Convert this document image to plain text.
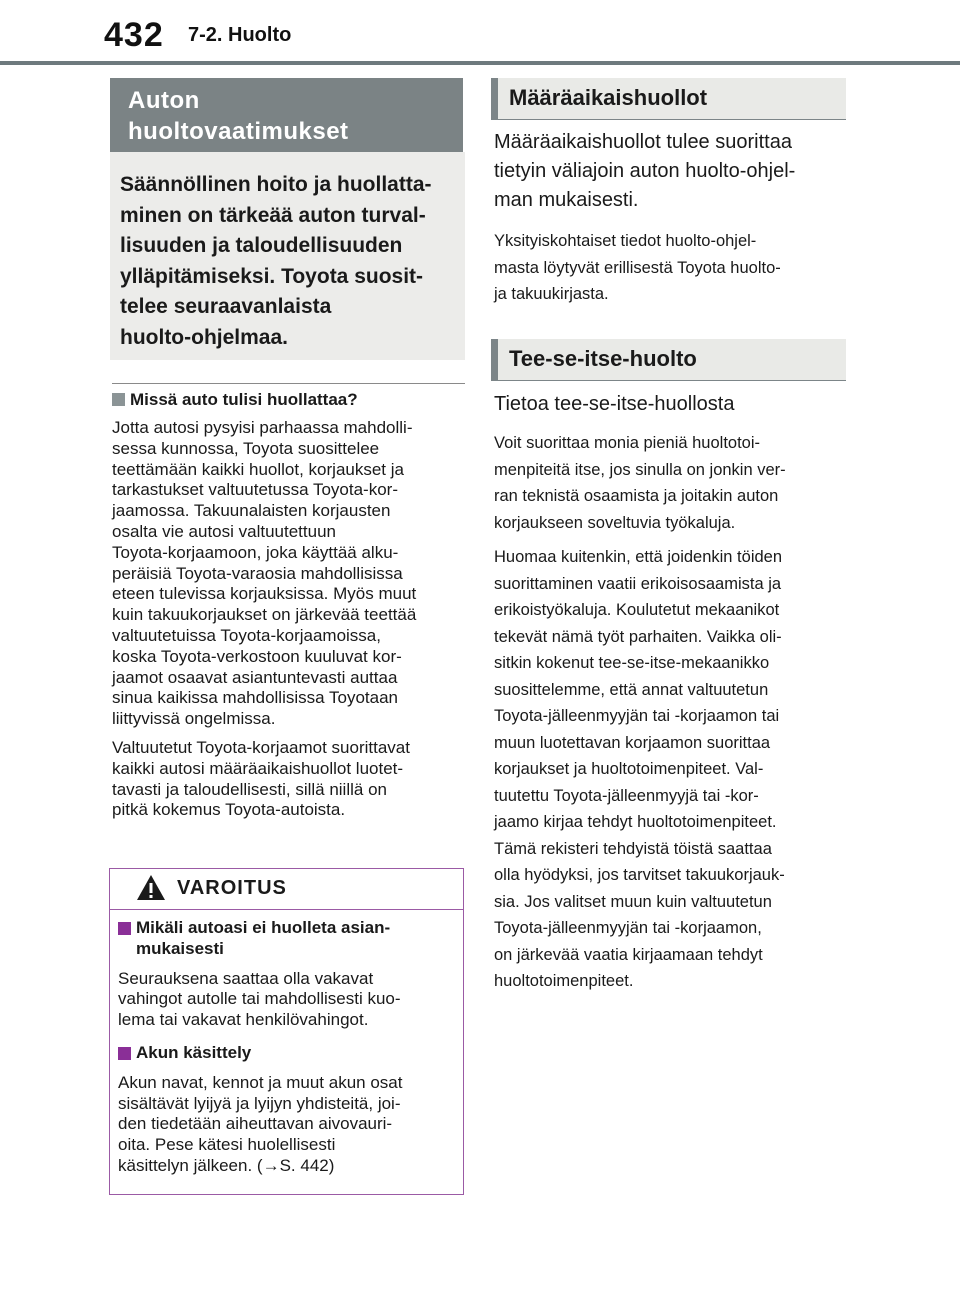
432 7-2. Huolto
Auton
huoltovaatimukset
Säännöllinen hoito ja huollatta-
minen on tärkeää auton turval-
lisuuden ja taloudellisuuden
ylläpitämiseksi. Toyota suosit-
telee seuraavanlaista
huolto-ohjelmaa.
Missä auto tulisi huollattaa?

Jotta autosi pysyisi parhaassa mahdolli-
sessa kunnossa, Toyota suosittelee
teettämään kaikki huollot, korjaukset ja
tarkastukset valtuutetussa Toyota-kor-
jaamossa. Takuunalaisten korjausten
osalta vie autosi valtuutettuun
Toyota-korjaamoon, joka käyttää alku-
peräisiä Toyota-varaosia mahdollisissa
eteen tulevissa korjauksissa. Myös muut
kuin takuukorjaukset on järkevää teettää
valtuutetuissa Toyota-korjaamoissa,
koska Toyota-verkostoon kuuluvat kor-
jaamot osaavat asiantuntevasti auttaa
sinua kaikissa mahdollisissa Toyotaan
liittyvissä ongelmissa.

Valtuutetut Toyota-korjaamot suorittavat
kaikki autosi määräaikaishuollot luotet-
tavasti ja taloudellisesti, sillä niillä on
pitkä kokemus Toyota-autoista.

VAROITUS

Mikäli autoasi ei huolleta asian-
mukaisesti

Seurauksena saattaa olla vakavat
vahingot autolle tai mahdollisesti kuo-
lema tai vakavat henkilövahingot.

Akun käsittely

Akun navat, kennot ja muut akun osat
sisältävät lyijyä ja lyijyn yhdisteitä, joi-
den tiedetään aiheuttavan aivovauri-
oita. Pese kätesi huolellisesti
käsittelyn jälkeen. (→S. 442)

Määräaikaishuollot
Määräaikaishuollot tulee suorittaa
tietyin väliajoin auton huolto-ohjel-
man mukaisesti.

Yksityiskohtaiset tiedot huolto-ohjel-
masta löytyvät erillisestä Toyota huolto-
ja takuukirjasta.

Tee-se-itse-huolto
Tietoa tee-se-itse-huollosta

Voit suorittaa monia pieniä huoltotoi-
menpiteitä itse, jos sinulla on jonkin ver-
ran teknistä osaamista ja joitakin auton
korjaukseen soveltuvia työkaluja.

Huomaa kuitenkin, että joidenkin töiden
suorittaminen vaatii erikoisosaamista ja
erikoistyökaluja. Koulutetut mekaanikot
tekevät nämä työt parhaiten. Vaikka oli-
sitkin kokenut tee-se-itse-mekaanikko
suosittelemme, että annat valtuutetun
Toyota-jälleenmyyjän tai -korjaamon tai
muun luotettavan korjaamon suorittaa
korjaukset ja huoltotoimenpiteet. Val-
tuutettu Toyota-jälleenmyyjä tai -kor-
jaamo kirjaa tehdyt huoltotoimenpiteet.
Tämä rekisteri tehdyistä töistä saattaa
olla hyödyksi, jos tarvitset takuukorjauk-
sia. Jos valitset muun kuin valtuutetun
Toyota-jälleenmyyjän tai -korjaamon,
on järkevää vaatia kirjaamaan tehdyt
huoltotoimenpiteet.
